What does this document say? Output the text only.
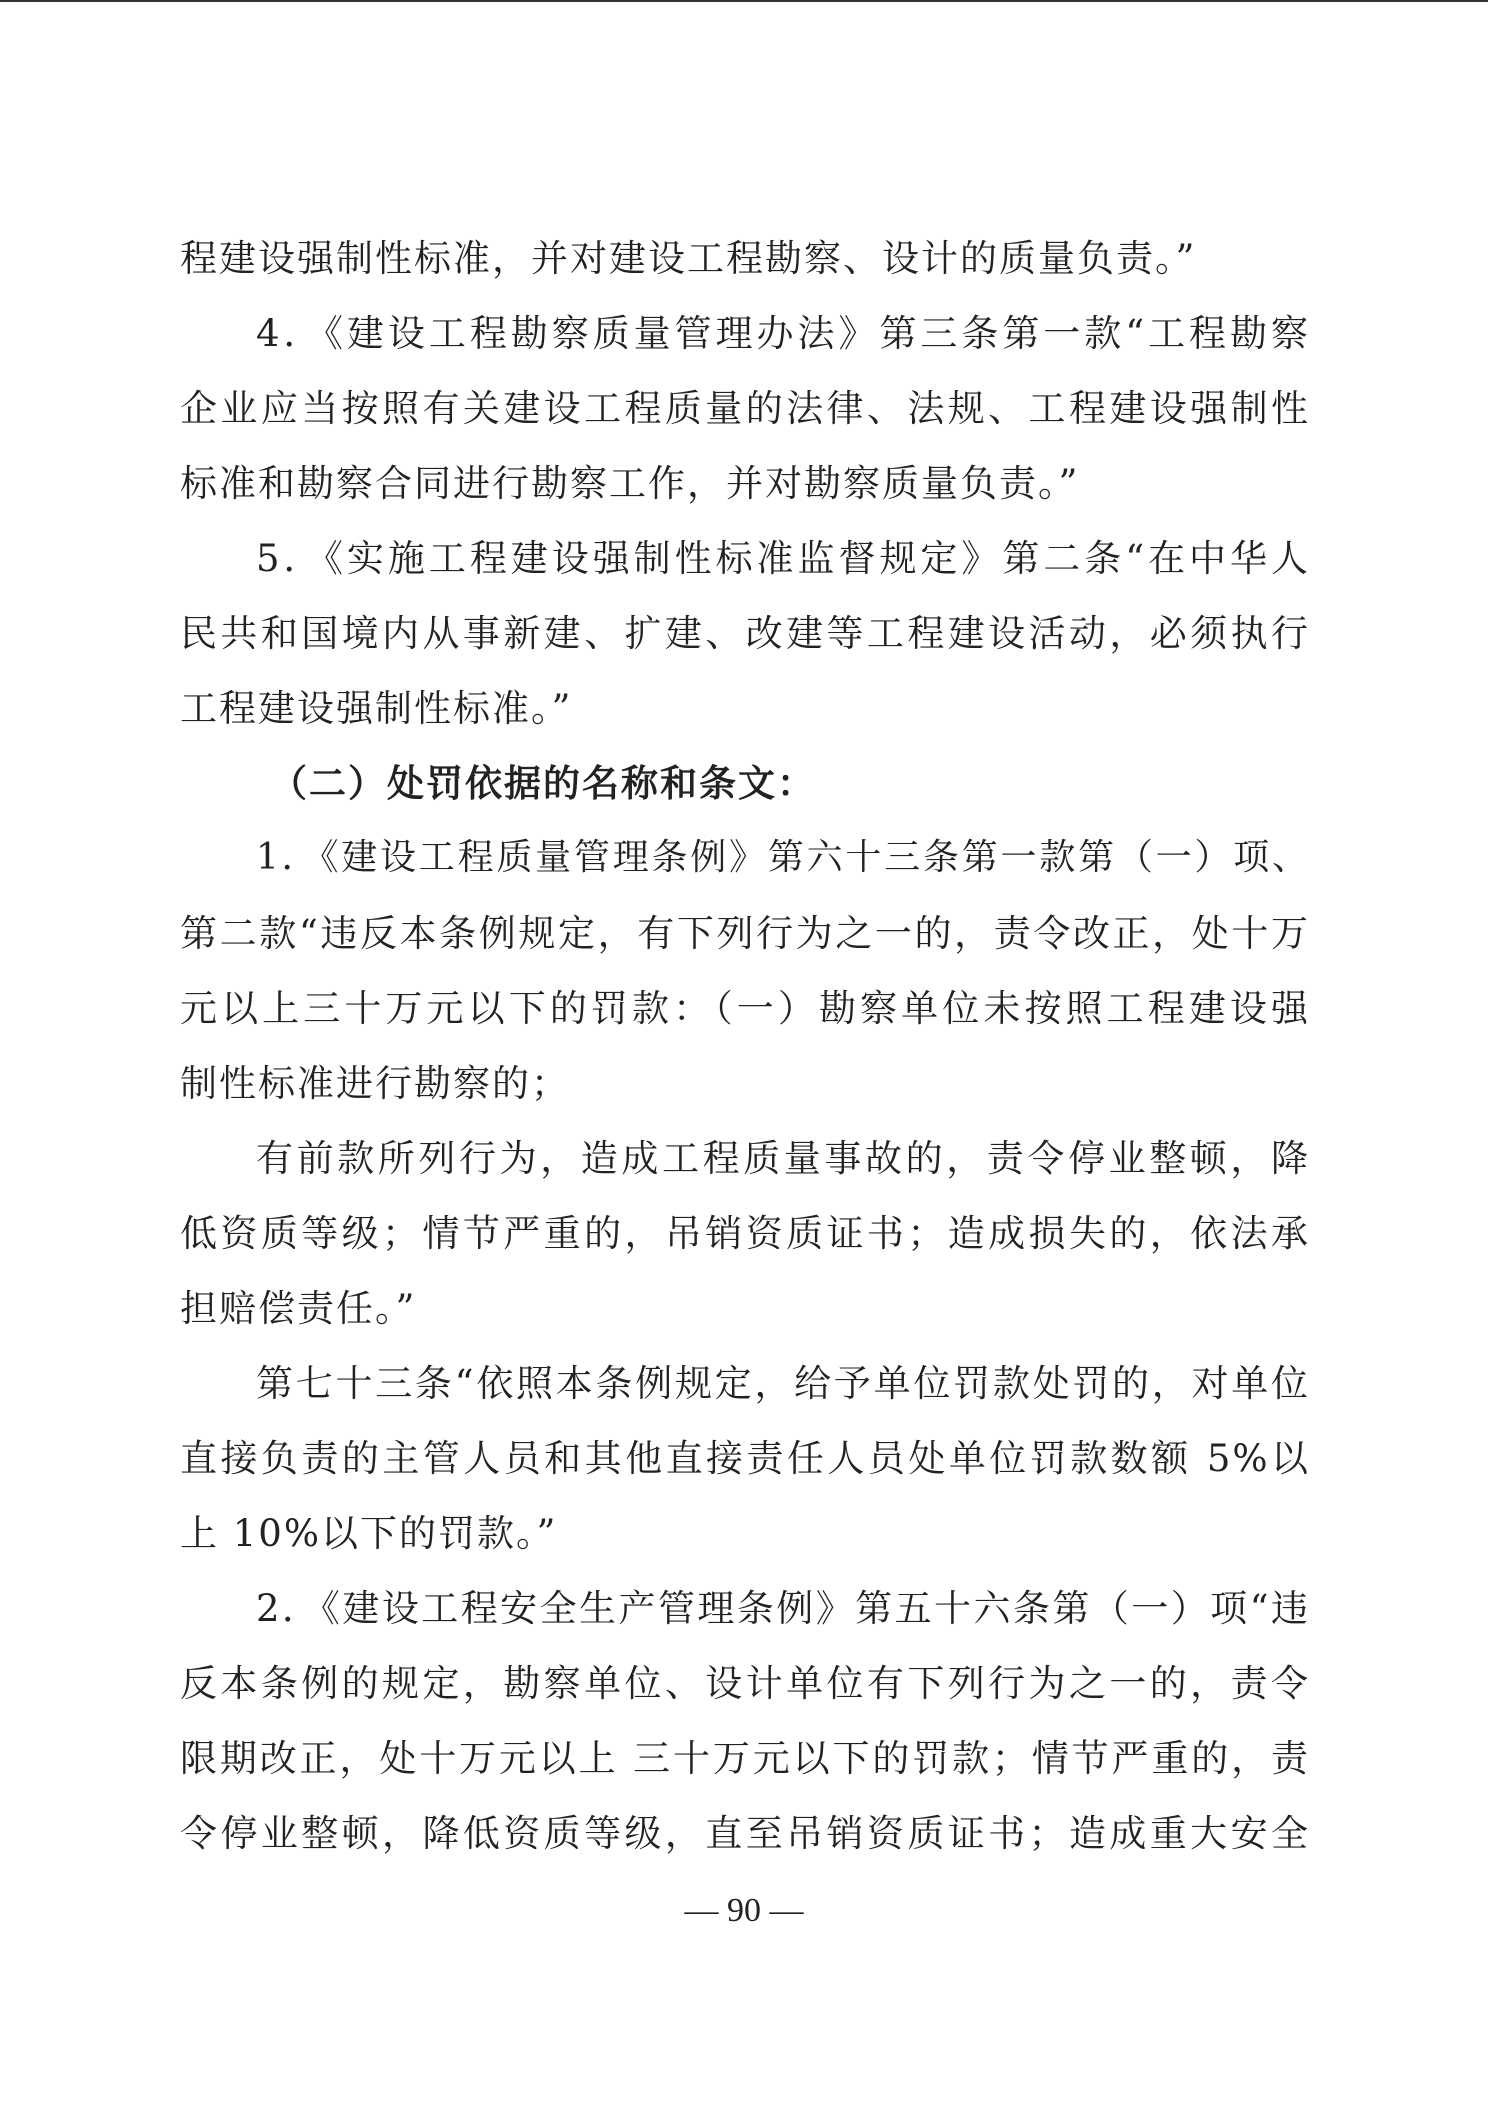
程建设强制性标准，并对建设工程勘察、设计的质量负责。”
4．《建设工程勘察质量管理办法》第三条第一款“工程勘察
企业应当按照有关建设工程质量的法律、法规、工程建设强制性
标准和勘察合同进行勘察工作，并对勘察质量负责。”
5．《实施工程建设强制性标准监督规定》第二条“在中华人
民共和国境内从事新建、扩建、改建等工程建设活动，必须执行
工程建设强制性标准。”
（二）处罚依据的名称和条文：
1．《建设工程质量管理条例》第六十三条第一款第（一）项、
第二款“违反本条例规定，有下列行为之一的，责令改正，处十万
元以上三十万元以下的罚款：（一）勘察单位未按照工程建设强
制性标准进行勘察的；
有前款所列行为，造成工程质量事故的，责令停业整顿，降
低资质等级；情节严重的，吊销资质证书；造成损失的，依法承
担赔偿责任。”
第七十三条“依照本条例规定，给予单位罚款处罚的，对单位
直接负责的主管人员和其他直接责任人员处单位罚款数额 5%以
上 10%以下的罚款。”
2．《建设工程安全生产管理条例》第五十六条第（一）项“违
反本条例的规定，勘察单位、设计单位有下列行为之一的，责令
限期改正，处十万元以上 三十万元以下的罚款；情节严重的，责
令停业整顿，降低资质等级，直至吊销资质证书；造成重大安全
— 90 —
